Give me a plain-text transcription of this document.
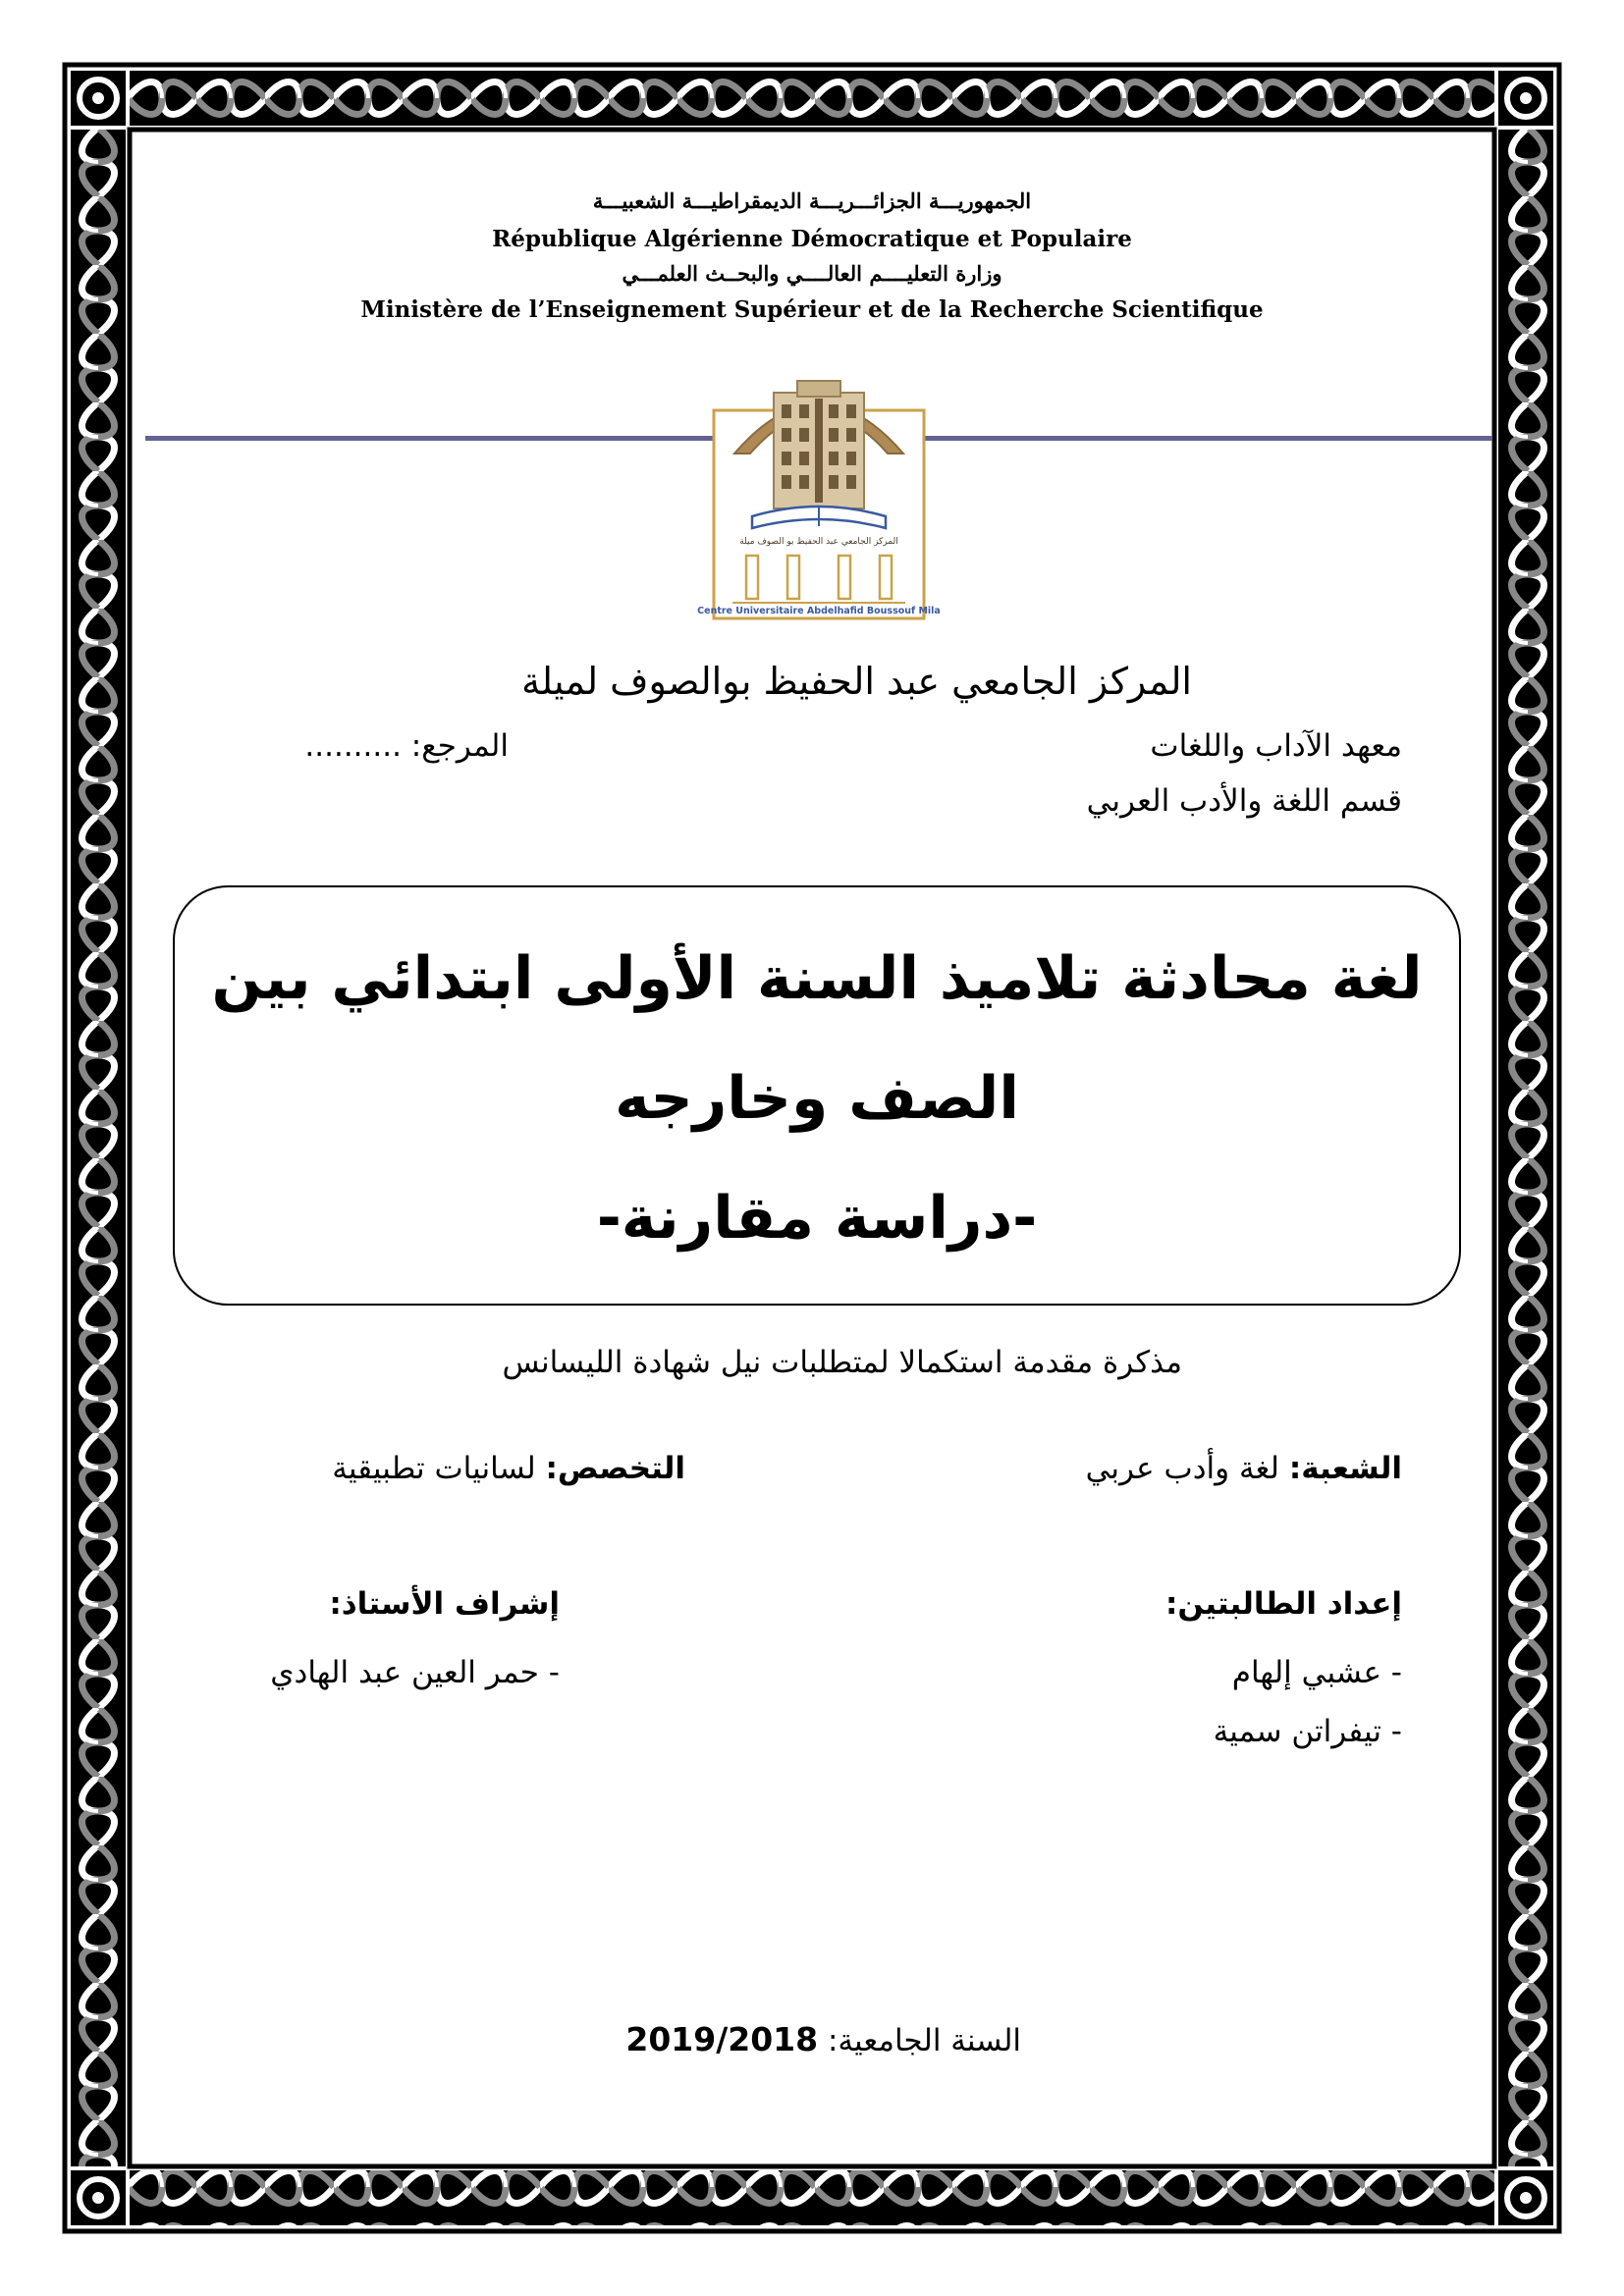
الجمهوريـــة الجزائـــريـــة الديمقراطيـــة الشعبيـــة
République Algérienne Démocratique et Populaire
وزارة التعليــــم العالــــي والبحــث العلمـــي
Ministère de l’Enseignement Supérieur et de la Recherche Scientifique
المركز الجامعي عبد الحفيظ بو الصوف ميلة
Centre Universitaire Abdelhafid Boussouf Mila
المركز الجامعي عبد الحفيظ بوالصوف لميلة
معهد الآداب واللغات
المرجع: ..........
قسم اللغة والأدب العربي
لغة محادثة تلاميذ السنة الأولى ابتدائي بين
الصف وخارجه
-دراسة مقارنة-
مذكرة مقدمة استكمالا لمتطلبات نيل شهادة الليسانس
الشعبة: لغة وأدب عربي
التخصص: لسانيات تطبيقية
إعداد الطالبتين:
- عشبي إلهام
- تيفراتن سمية
إشراف الأستاذ:
- حمر العين عبد الهادي
السنة الجامعية: 2019/2018
